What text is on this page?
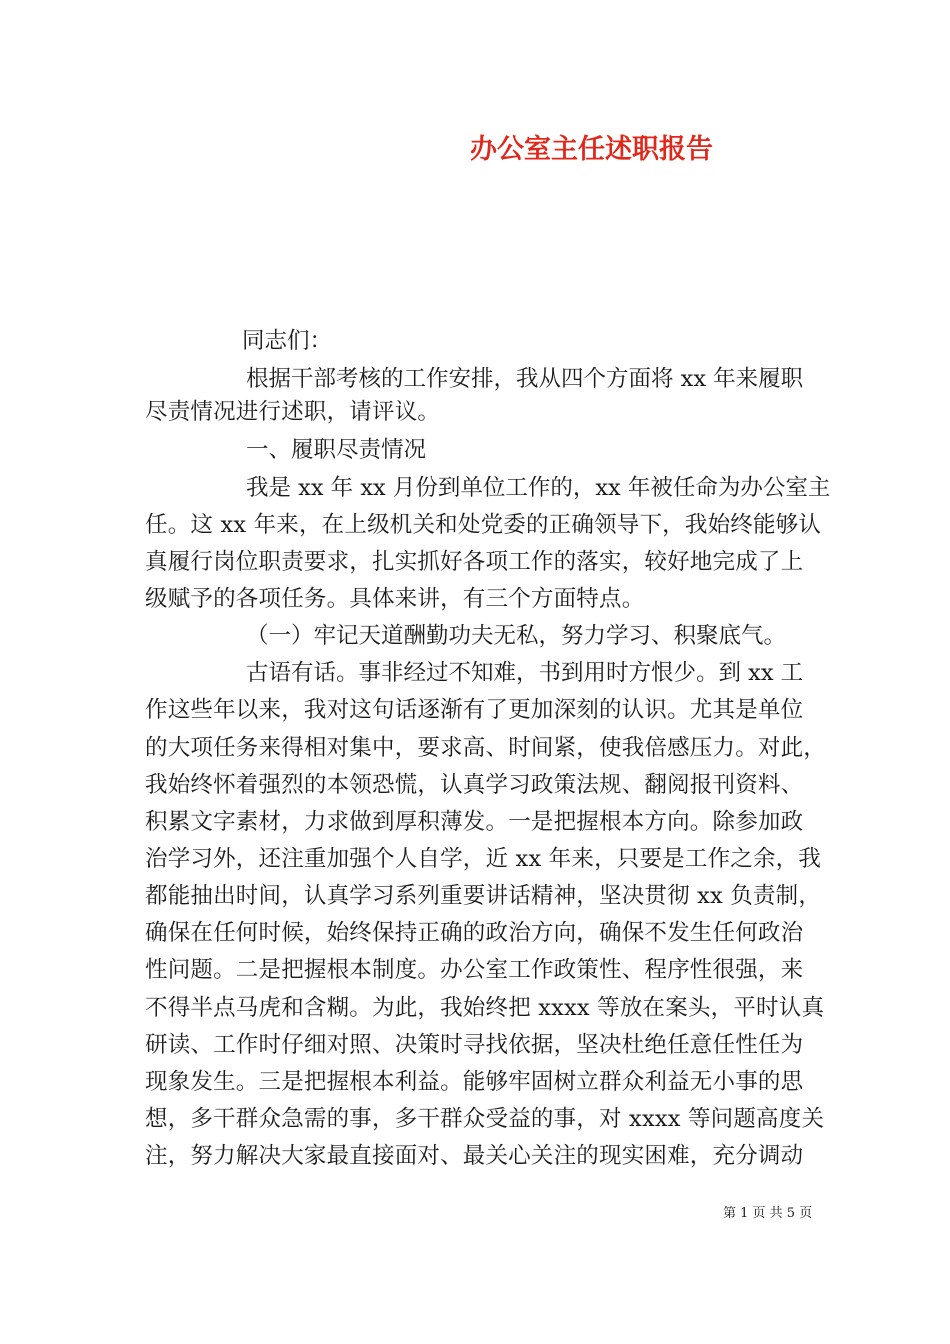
办公室主任述职报告

同志们：

根据干部考核的工作安排，我从四个方面将 xx 年来履职

尽责情况进行述职，请评议。

一、履职尽责情况

我是 xx 年 xx 月份到单位工作的，xx 年被任命为办公室主

任。这 xx 年来，在上级机关和处党委的正确领导下，我始终能够认

真履行岗位职责要求，扎实抓好各项工作的落实，较好地完成了上

级赋予的各项任务。具体来讲，有三个方面特点。

（一）牢记天道酬勤功夫无私，努力学习、积聚底气。

古语有话。事非经过不知难，书到用时方恨少。到 xx 工

作这些年以来，我对这句话逐渐有了更加深刻的认识。尤其是单位

的大项任务来得相对集中，要求高、时间紧，使我倍感压力。对此，

我始终怀着强烈的本领恐慌，认真学习政策法规、翻阅报刊资料、

积累文字素材，力求做到厚积薄发。一是把握根本方向。除参加政

治学习外，还注重加强个人自学，近 xx 年来，只要是工作之余，我

都能抽出时间，认真学习系列重要讲话精神，坚决贯彻 xx 负责制，

确保在任何时候，始终保持正确的政治方向，确保不发生任何政治

性问题。二是把握根本制度。办公室工作政策性、程序性很强，来

不得半点马虎和含糊。为此，我始终把 xxxx 等放在案头，平时认真

研读、工作时仔细对照、决策时寻找依据，坚决杜绝任意任性任为

现象发生。三是把握根本利益。能够牢固树立群众利益无小事的思

想，多干群众急需的事，多干群众受益的事，对 xxxx 等问题高度关

注，努力解决大家最直接面对、最关心关注的现实困难，充分调动

第 1 页 共 5 页
